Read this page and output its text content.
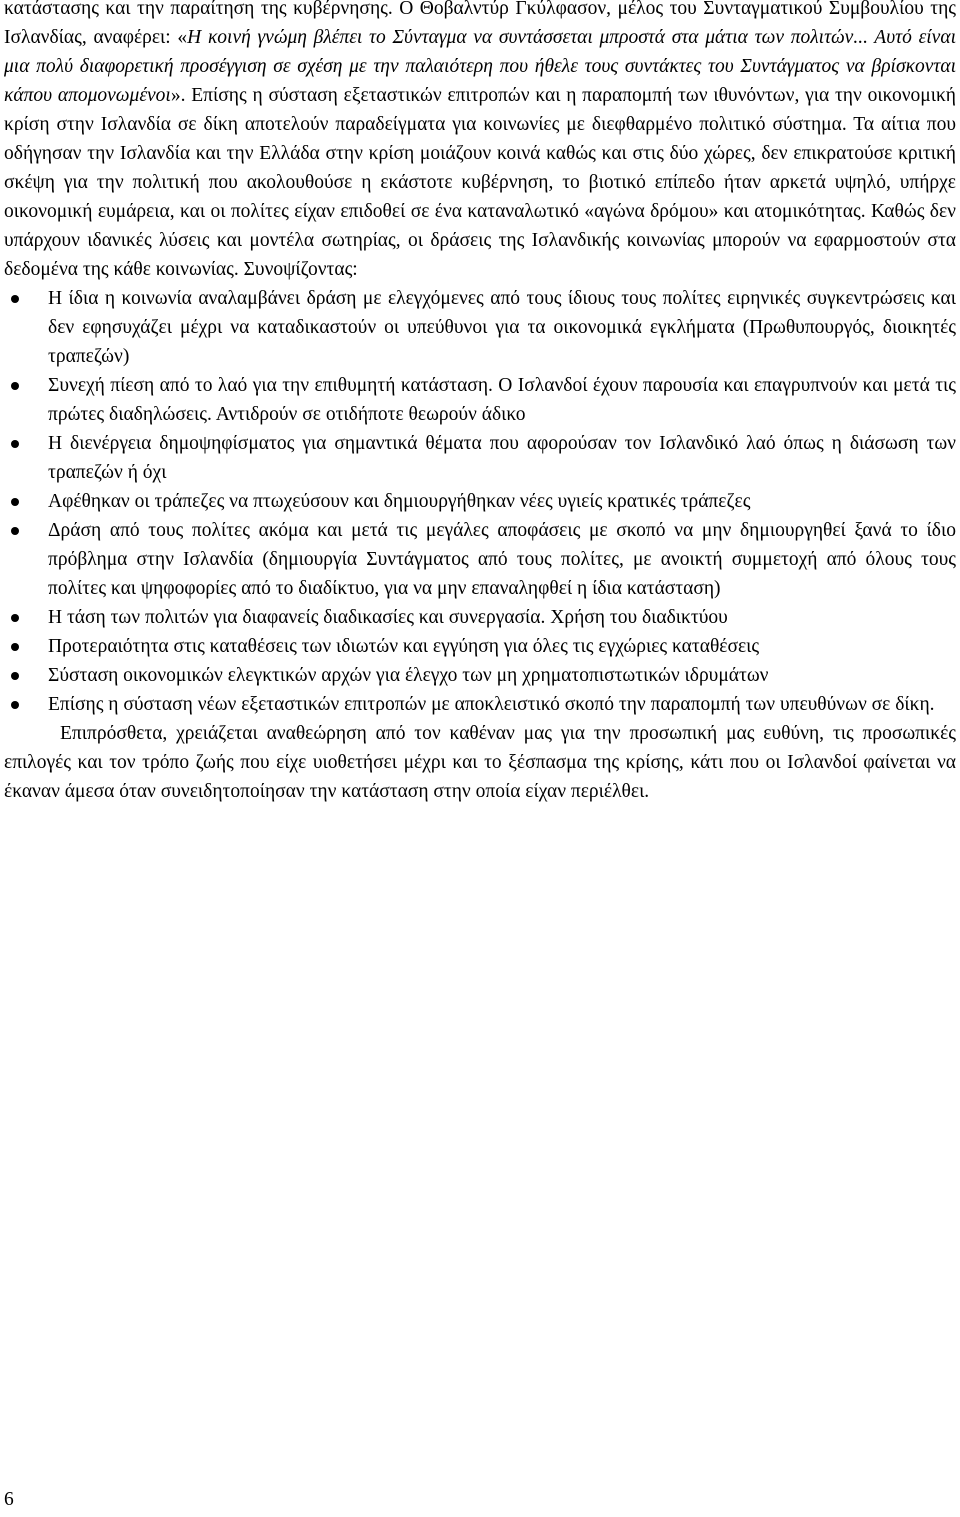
κατάστασης και την παραίτηση της κυβέρνησης. Ο Θοβαλντύρ Γκύλφασον, μέλος του Συνταγματικού Συμβουλίου της Ισλανδίας, αναφέρει: «Η κοινή γνώμη βλέπει το Σύνταγμα να συντάσσεται μπροστά στα μάτια των πολιτών... Αυτό είναι μια πολύ διαφορετική προσέγγιση σε σχέση με την παλαιότερη που ήθελε τους συντάκτες του Συντάγματος να βρίσκονται κάπου απομονωμένοι». Επίσης η σύσταση εξεταστικών επιτροπών και η παραπομπή των ιθυνόντων, για την οικονομική κρίση στην Ισλανδία σε δίκη αποτελούν παραδείγματα για κοινωνίες με διεφθαρμένο πολιτικό σύστημα. Τα αίτια που οδήγησαν την Ισλανδία και την Ελλάδα στην κρίση μοιάζουν κοινά καθώς και στις δύο χώρες, δεν επικρατούσε κριτική σκέψη για την πολιτική που ακολουθούσε η εκάστοτε κυβέρνηση, το βιοτικό επίπεδο ήταν αρκετά υψηλό, υπήρχε οικονομική ευμάρεια, και οι πολίτες είχαν επιδοθεί σε ένα καταναλωτικό «αγώνα δρόμου» και ατομικότητας. Καθώς δεν υπάρχουν ιδανικές λύσεις και μοντέλα σωτηρίας, οι δράσεις της Ισλανδικής κοινωνίας μπορούν να εφαρμοστούν στα δεδομένα της κάθε κοινωνίας. Συνοψίζοντας:

Η ίδια η κοινωνία αναλαμβάνει δράση με ελεγχόμενες από τους ίδιους τους πολίτες ειρηνικές συγκεντρώσεις και δεν εφησυχάζει μέχρι να καταδικαστούν οι υπεύθυνοι για τα οικονομικά εγκλήματα (Πρωθυπουργός, διοικητές τραπεζών)
Συνεχή πίεση από το λαό για την επιθυμητή κατάσταση. Ο Ισλανδοί έχουν παρουσία και επαγρυπνούν και μετά τις πρώτες διαδηλώσεις. Αντιδρούν σε οτιδήποτε θεωρούν άδικο
Η διενέργεια δημοψηφίσματος για σημαντικά θέματα που αφορούσαν τον Ισλανδικό λαό όπως η διάσωση των τραπεζών ή όχι
Αφέθηκαν οι τράπεζες να πτωχεύσουν και δημιουργήθηκαν νέες υγιείς κρατικές τράπεζες
Δράση από τους πολίτες ακόμα και μετά τις μεγάλες αποφάσεις με σκοπό να μην δημιουργηθεί ξανά το ίδιο πρόβλημα στην Ισλανδία (δημιουργία Συντάγματος από τους πολίτες, με ανοικτή συμμετοχή από όλους τους πολίτες και ψηφοφορίες από το διαδίκτυο, για να μην επαναληφθεί η ίδια κατάσταση)
Η τάση των πολιτών για διαφανείς διαδικασίες και συνεργασία. Χρήση του διαδικτύου
Προτεραιότητα στις καταθέσεις των ιδιωτών και εγγύηση για όλες τις εγχώριες καταθέσεις
Σύσταση οικονομικών ελεγκτικών αρχών για έλεγχο των μη χρηματοπιστωτικών ιδρυμάτων
Επίσης η σύσταση νέων εξεταστικών επιτροπών με αποκλειστικό σκοπό την παραπομπή των υπευθύνων σε δίκη.

Επιπρόσθετα, χρειάζεται αναθεώρηση από τον καθέναν μας για την προσωπική μας ευθύνη, τις προσωπικές επιλογές και τον τρόπο ζωής που είχε υιοθετήσει μέχρι και το ξέσπασμα της κρίσης, κάτι που οι Ισλανδοί φαίνεται να έκαναν άμεσα όταν συνειδητοποίησαν την κατάσταση στην οποία είχαν περιέλθει.

6
